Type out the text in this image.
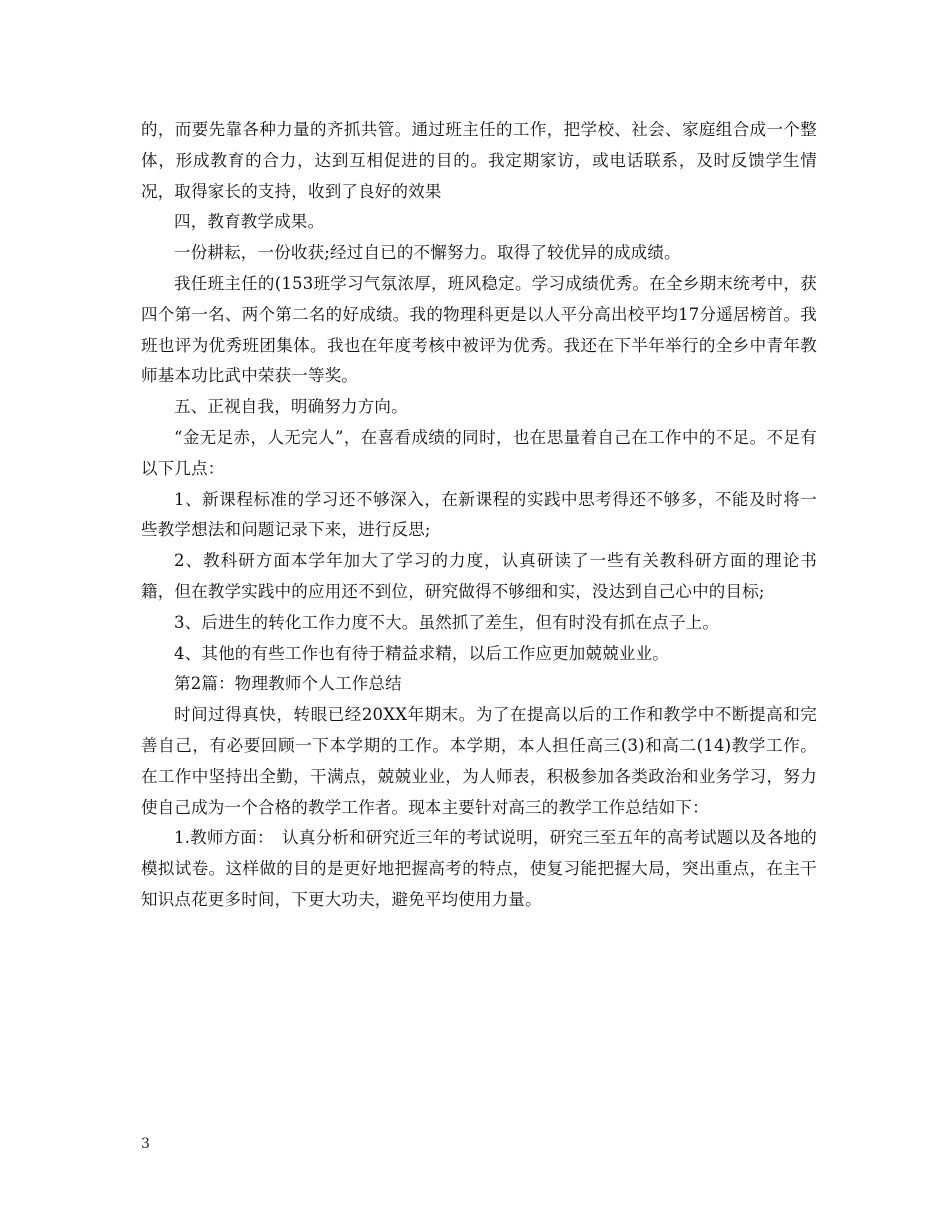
的，而要先靠各种力量的齐抓共管。通过班主任的工作，把学校、社会、家庭组合成一个整体，形成教育的合力，达到互相促进的目的。我定期家访，或电话联系，及时反馈学生情况，取得家长的支持，收到了良好的效果

四，教育教学成果。

一份耕耘，一份收获;经过自已的不懈努力。取得了较优异的成成绩。

我任班主任的(153班学习气氛浓厚，班风稳定。学习成绩优秀。在全乡期末统考中，获四个第一名、两个第二名的好成绩。我的物理科更是以人平分高出校平均17分遥居榜首。我班也评为优秀班团集体。我也在年度考核中被评为优秀。我还在下半年举行的全乡中青年教师基本功比武中荣获一等奖。

五、正视自我，明确努力方向。

“金无足赤，人无完人”，在喜看成绩的同时，也在思量着自己在工作中的不足。不足有以下几点：

1、新课程标准的学习还不够深入，在新课程的实践中思考得还不够多，不能及时将一些教学想法和问题记录下来，进行反思;

2、教科研方面本学年加大了学习的力度，认真研读了一些有关教科研方面的理论书籍，但在教学实践中的应用还不到位，研究做得不够细和实，没达到自己心中的目标;

3、后进生的转化工作力度不大。虽然抓了差生，但有时没有抓在点子上。

4、其他的有些工作也有待于精益求精，以后工作应更加兢兢业业。

第2篇：物理教师个人工作总结

时间过得真快，转眼已经20XX年期末。为了在提高以后的工作和教学中不断提高和完善自己，有必要回顾一下本学期的工作。本学期，本人担任高三(3)和高二(14)教学工作。在工作中坚持出全勤，干满点，兢兢业业，为人师表，积极参加各类政治和业务学习，努力使自己成为一个合格的教学工作者。现本主要针对高三的教学工作总结如下：

1.教师方面：　认真分析和研究近三年的考试说明，研究三至五年的高考试题以及各地的模拟试卷。这样做的目的是更好地把握高考的特点，使复习能把握大局，突出重点，在主干知识点花更多时间，下更大功夫，避免平均使用力量。

3
